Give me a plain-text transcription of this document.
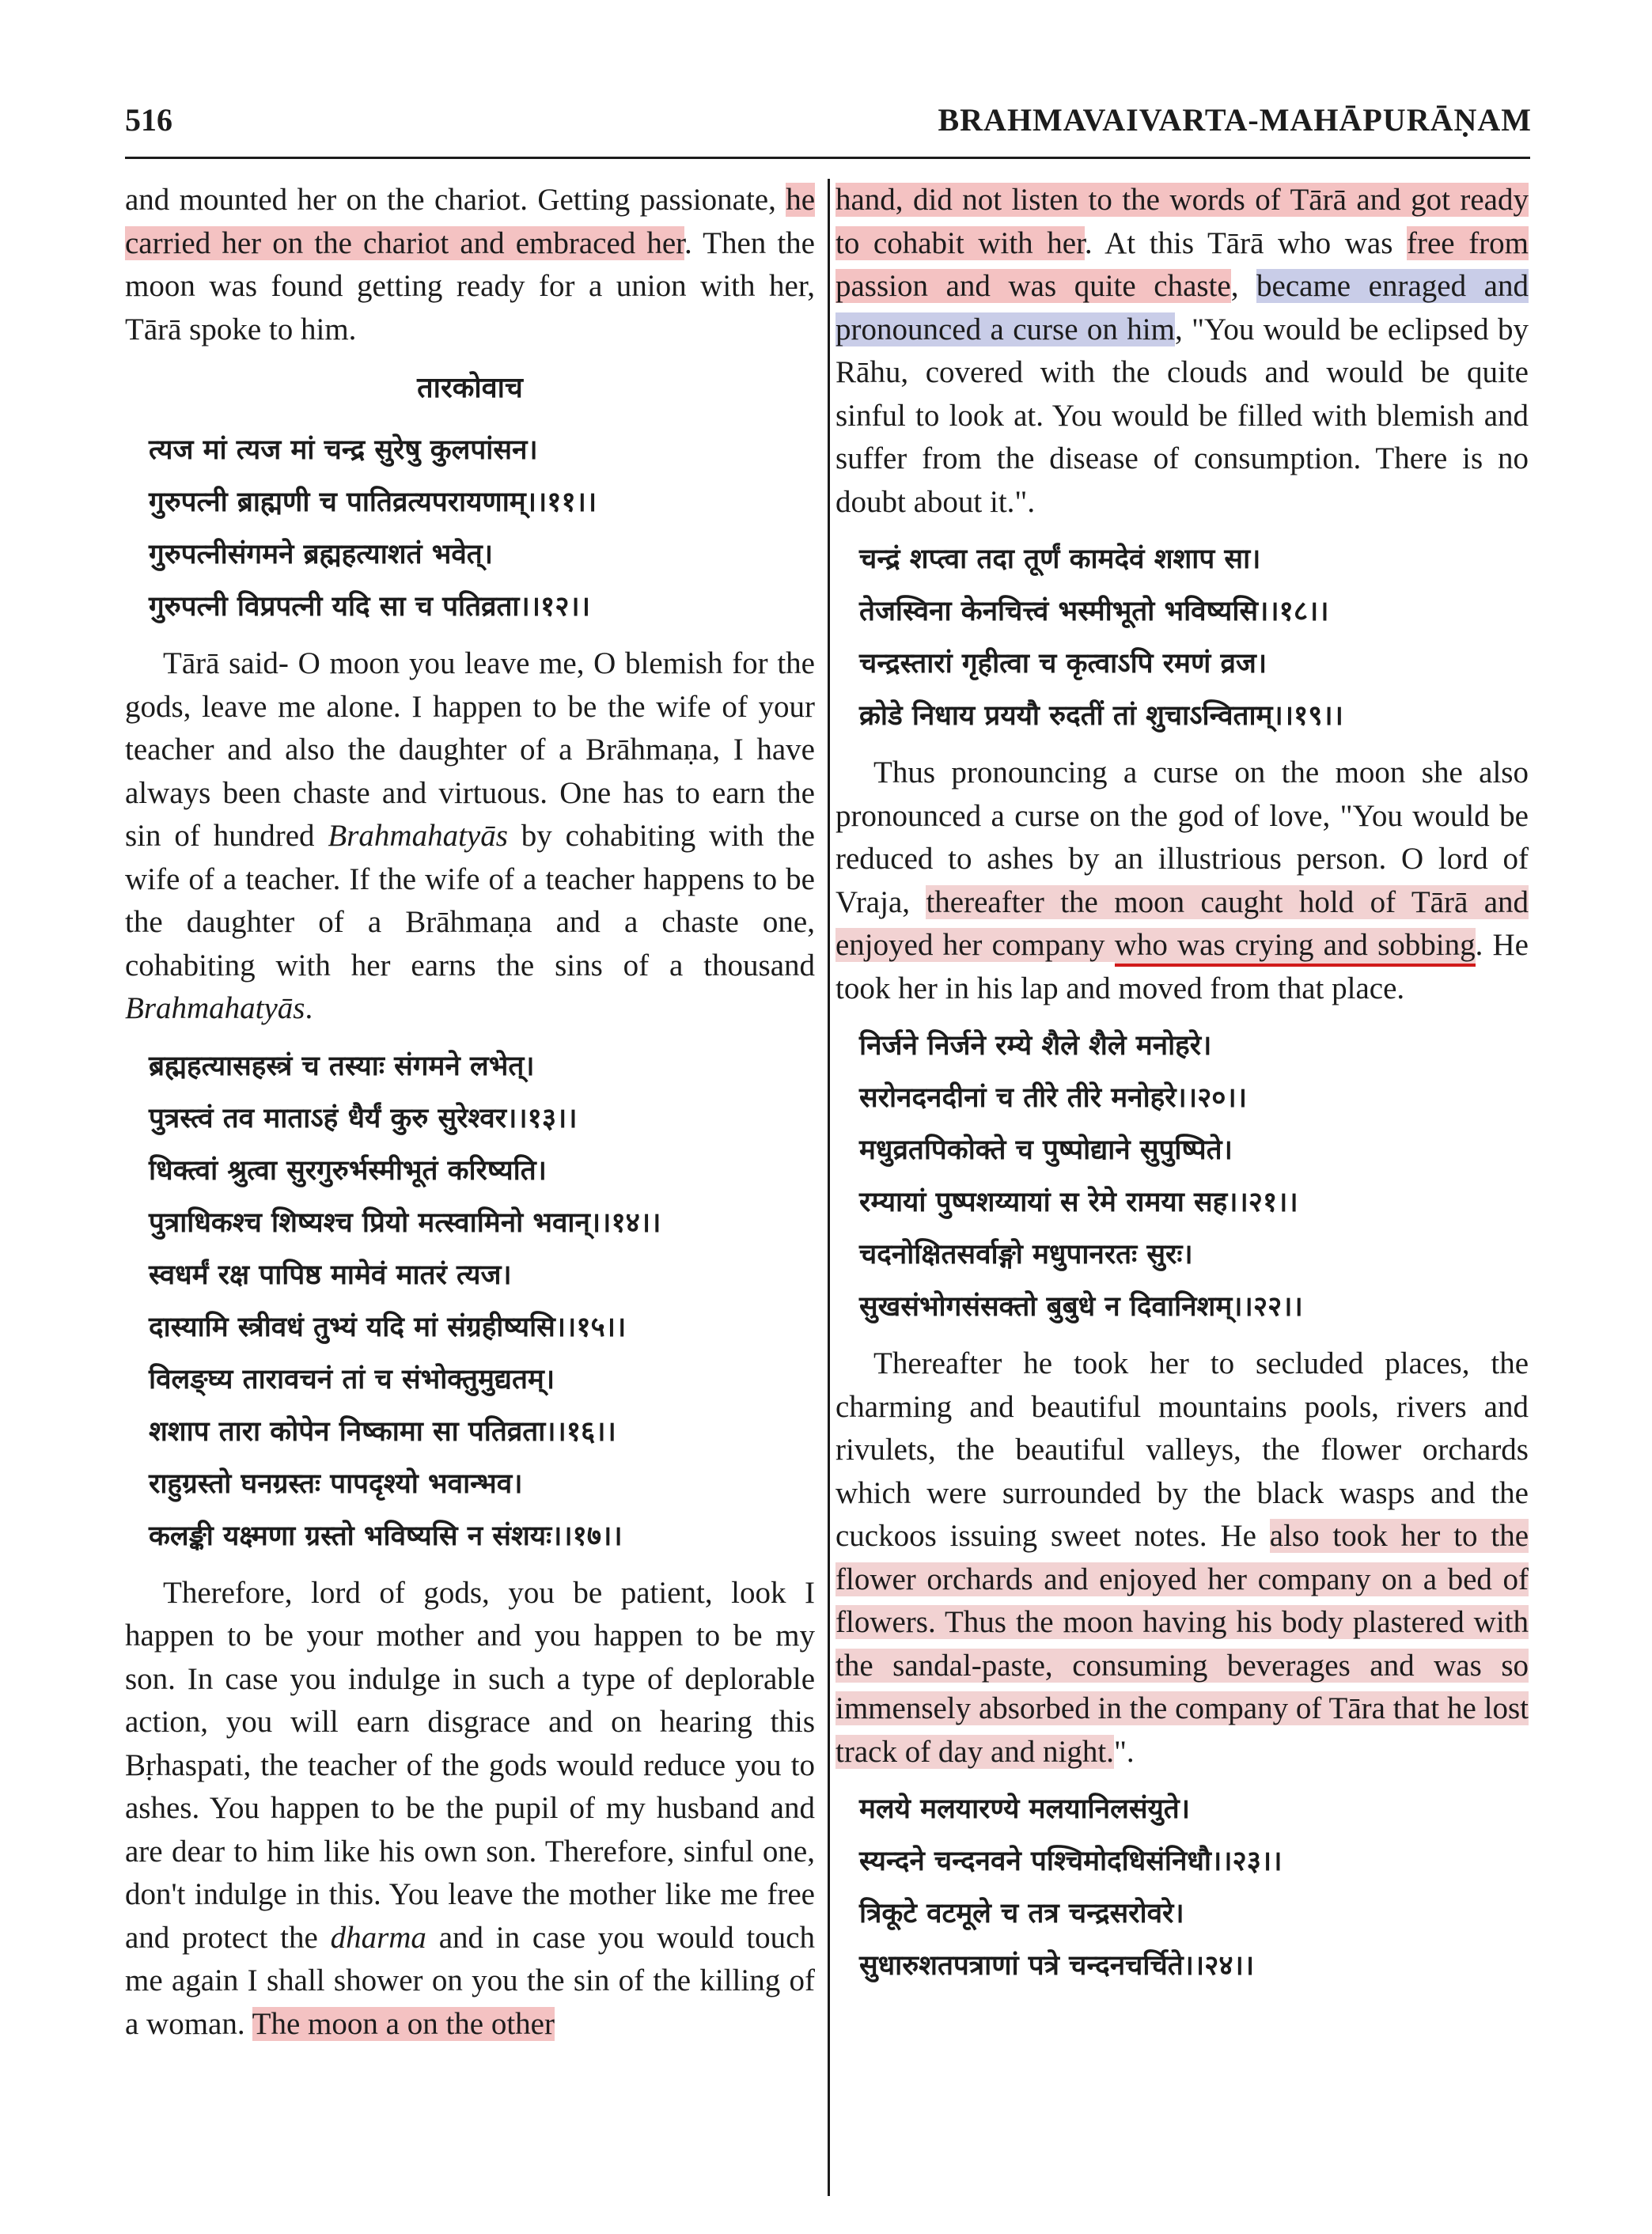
516	BRAHMAVAIVARTA-MAHĀPURĀṆAM

and mounted her on the chariot. Getting passionate, he carried her on the chariot and embraced her. Then the moon was found getting ready for a union with her, Tārā spoke to him.

तारकोवाच
त्यज मां त्यज मां चन्द्र सुरेषु कुलपांसन।
गुरुपत्नी ब्राह्मणी च पातिव्रत्यपरायणाम्।।११।।
गुरुपत्नीसंगमने ब्रह्महत्याशतं भवेत्।
गुरुपत्नी विप्रपत्नी यदि सा च पतिव्रता।।१२।।

Tārā said- O moon you leave me, O blemish for the gods, leave me alone. I happen to be the wife of your teacher and also the daughter of a Brāhmaṇa, I have always been chaste and virtuous. One has to earn the sin of hundred Brahmahatyās by cohabiting with the wife of a teacher. If the wife of a teacher happens to be the daughter of a Brāhmaṇa and a chaste one, cohabiting with her earns the sins of a thousand Brahmahatyās.

ब्रह्महत्यासहस्त्रं च तस्याः संगमने लभेत्।
पुत्रस्त्वं तव माताऽहं धैर्यं कुरु सुरेश्वर।।१३।।
धिक्त्वां श्रुत्वा सुरगुरुर्भस्मीभूतं करिष्यति।
पुत्राधिकश्च शिष्यश्च प्रियो मत्स्वामिनो भवान्।।१४।।
स्वधर्मं रक्ष पापिष्ठ मामेवं मातरं त्यज।
दास्यामि स्त्रीवधं तुभ्यं यदि मां संग्रहीष्यसि।।१५।।
विलङ्घ्य तारावचनं तां च संभोक्तुमुद्यतम्।
शशाप तारा कोपेन निष्कामा सा पतिव्रता।।१६।।
राहुग्रस्तो घनग्रस्तः पापदृश्यो भवान्भव।
कलङ्की यक्ष्मणा ग्रस्तो भविष्यसि न संशयः।।१७।।

Therefore, lord of gods, you be patient, look I happen to be your mother and you happen to be my son. In case you indulge in such a type of deplorable action, you will earn disgrace and on hearing this Bṛhaspati, the teacher of the gods would reduce you to ashes. You happen to be the pupil of my husband and are dear to him like his own son. Therefore, sinful one, don't indulge in this. You leave the mother like me free and protect the dharma and in case you would touch me again I shall shower on you the sin of the killing of a woman. The moon a on the other

hand, did not listen to the words of Tārā and got ready to cohabit with her. At this Tārā who was free from passion and was quite chaste, became enraged and pronounced a curse on him, "You would be eclipsed by Rāhu, covered with the clouds and would be quite sinful to look at. You would be filled with blemish and suffer from the disease of consumption. There is no doubt about it.".

चन्द्रं शप्त्वा तदा तूर्णं कामदेवं शशाप सा।
तेजस्विना केनचित्त्वं भस्मीभूतो भविष्यसि।।१८।।
चन्द्रस्तारां गृहीत्वा च कृत्वाऽपि रमणं व्रज।
क्रोडे निधाय प्रययौ रुदतीं तां शुचाऽन्विताम्।।१९।।

Thus pronouncing a curse on the moon she also pronounced a curse on the god of love, "You would be reduced to ashes by an illustrious person. O lord of Vraja, thereafter the moon caught hold of Tārā and enjoyed her company who was crying and sobbing. He took her in his lap and moved from that place.

निर्जने निर्जने रम्ये शैले शैले मनोहरे।
सरोनदनदीनां च तीरे तीरे मनोहरे।।२०।।
मधुव्रतपिकोक्ते च पुष्पोद्याने सुपुष्पिते।
रम्यायां पुष्पशय्यायां स रेमे रामया सह।।२१।।
चदनोक्षितसर्वाङ्गो मधुपानरतः सुरः।
सुखसंभोगसंसक्तो बुबुधे न दिवानिशम्।।२२।।

Thereafter he took her to secluded places, the charming and beautiful mountains pools, rivers and rivulets, the beautiful valleys, the flower orchards which were surrounded by the black wasps and the cuckoos issuing sweet notes. He also took her to the flower orchards and enjoyed her company on a bed of flowers. Thus the moon having his body plastered with the sandal-paste, consuming beverages and was so immensely absorbed in the company of Tāra that he lost track of day and night.".

मलये मलयारण्ये मलयानिलसंयुते।
स्यन्दने चन्दनवने पश्चिमोदधिसंनिधौ।।२३।।
त्रिकूटे वटमूले च तत्र चन्द्रसरोवरे।
सुधारुशतपत्राणां पत्रे चन्दनचर्चिते।।२४।।
